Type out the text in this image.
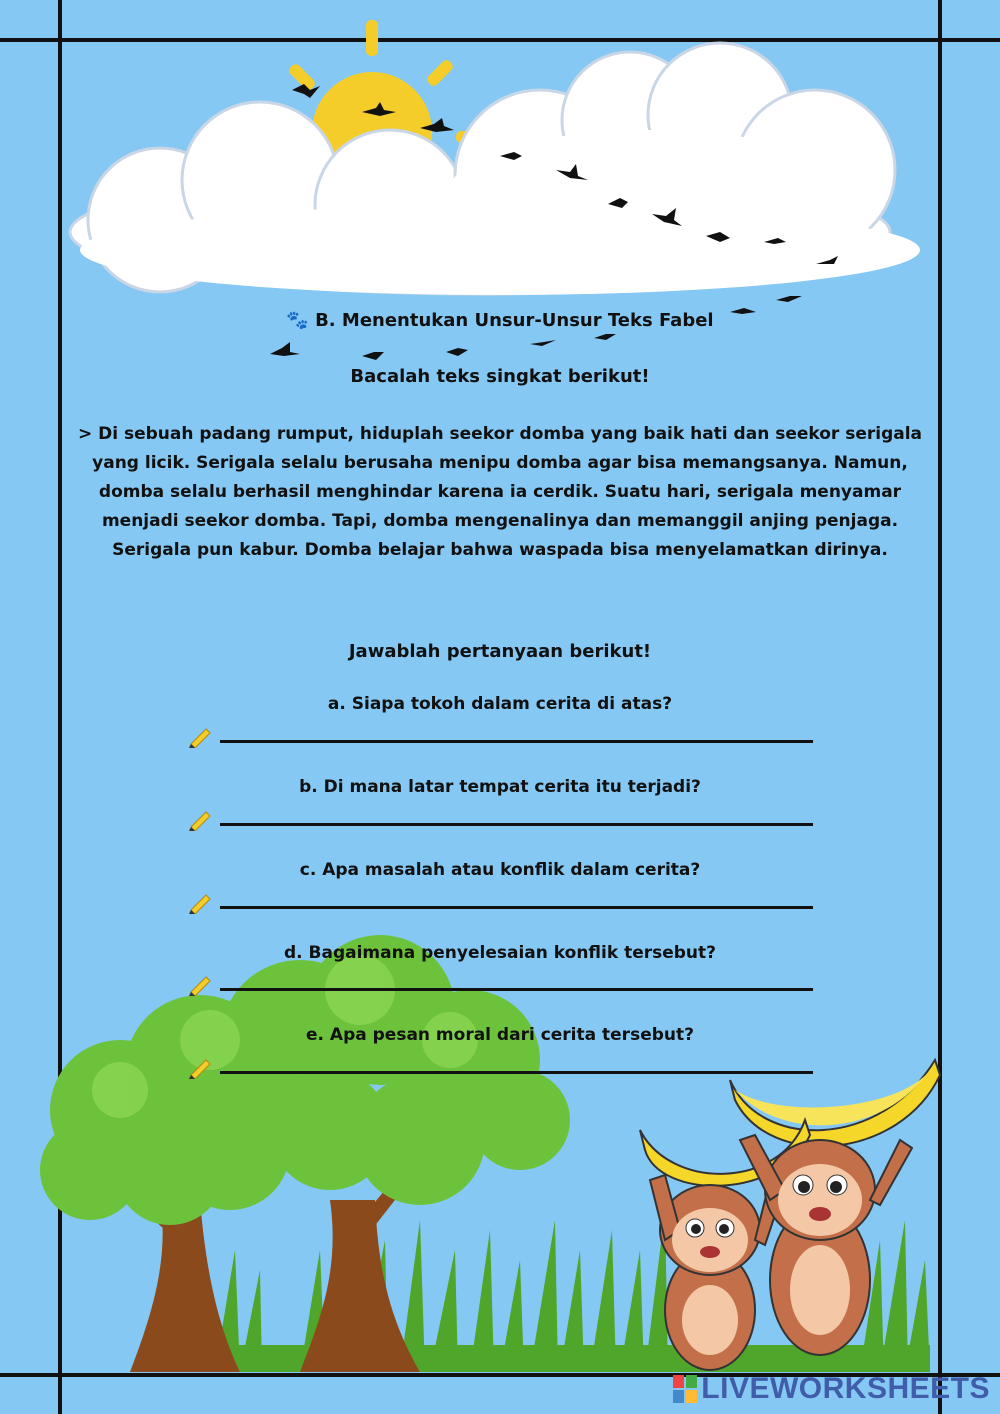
🐾 B. Menentukan Unsur-Unsur Teks Fabel
Bacalah teks singkat berikut!
> Di sebuah padang rumput, hiduplah seekor domba yang baik hati dan seekor serigala yang licik. Serigala selalu berusaha menipu domba agar bisa memangsanya. Namun, domba selalu berhasil menghindar karena ia cerdik. Suatu hari, serigala menyamar menjadi seekor domba. Tapi, domba mengenalinya dan memanggil anjing penjaga. Serigala pun kabur. Domba belajar bahwa waspada bisa menyelamatkan dirinya.
Jawablah pertanyaan berikut!
a. Siapa tokoh dalam cerita di atas?
b. Di mana latar tempat cerita itu terjadi?
c. Apa masalah atau konflik dalam cerita?
d. Bagaimana penyelesaian konflik tersebut?
e. Apa pesan moral dari cerita tersebut?
LIVEWORKSHEETS
